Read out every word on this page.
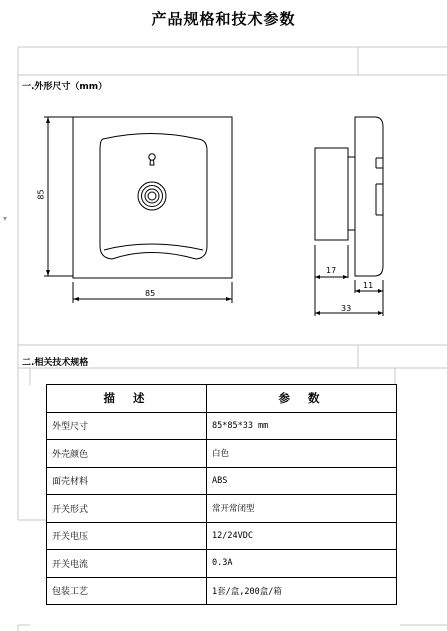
产品规格和技术参数
一.外形尺寸（mm）
85
85
17
11
33
二.相关技术规格
描述	参数
外型尺寸	85*85*33 mm
外壳颜色	白色
面壳材料	ABS
开关形式	常开常闭型
开关电压	12/24VDC
开关电流	0.3A
包装工艺	1套/盒,200盒/箱
